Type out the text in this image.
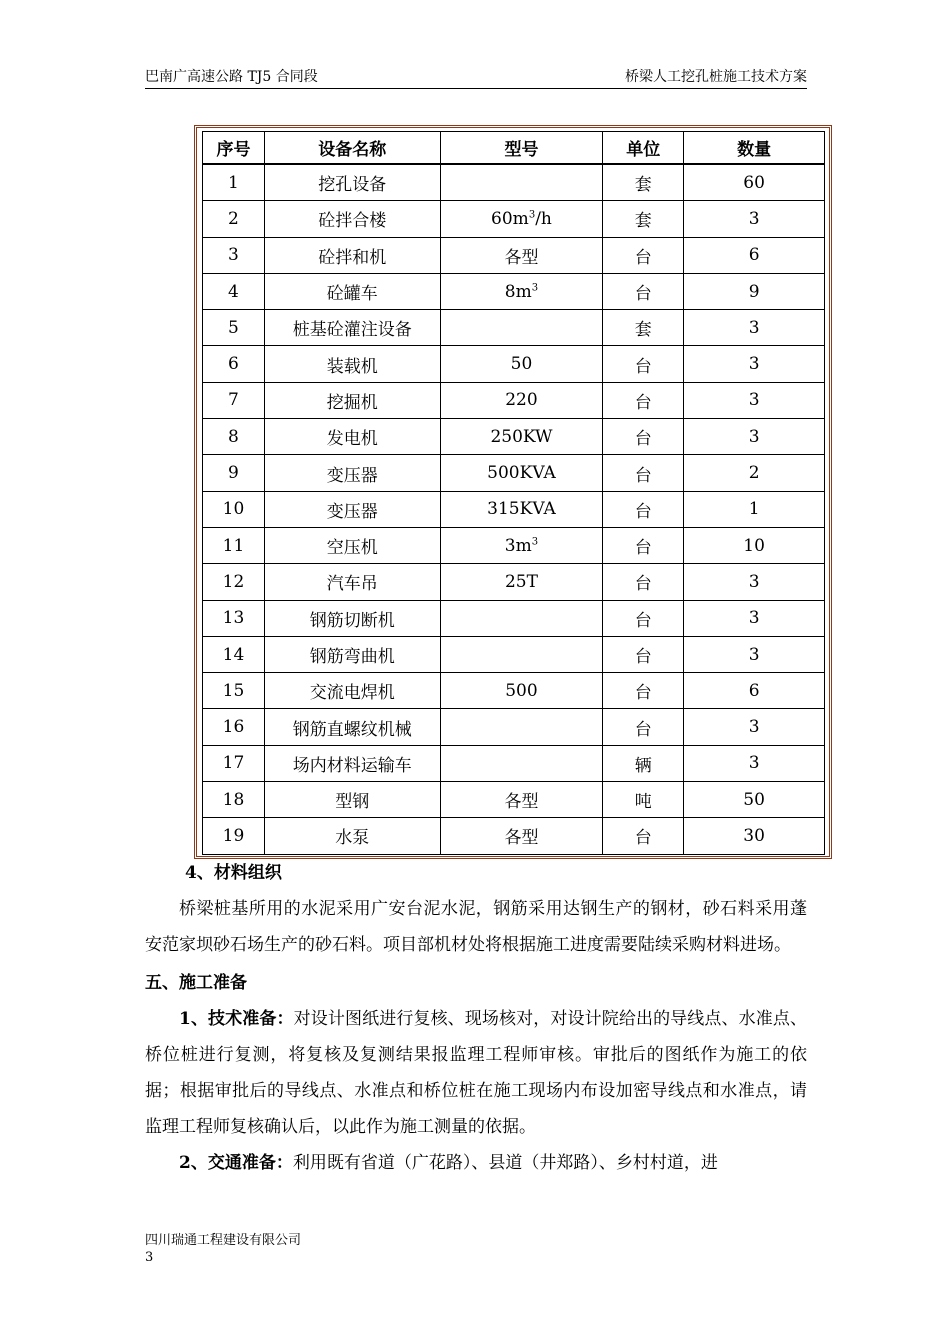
巴南广高速公路 TJ5 合同段	桥梁人工挖孔桩施工技术方案
序号	设备名称	型号	单位	数量
1	挖孔设备		套	60
2	砼拌合楼	$60m^3/h$	套	3
3	砼拌和机	各型	台	6
4	砼罐车	$8m^3$	台	9
5	桩基砼灌注设备		套	3
6	装载机	50	台	3
7	挖掘机	220	台	3
8	发电机	250KW	台	3
9	变压器	500KVA	台	2
10	变压器	315KVA	台	1
11	空压机	$3m^3$	台	10
12	汽车吊	25T	台	3
13	钢筋切断机		台	3
14	钢筋弯曲机		台	3
15	交流电焊机	500	台	6
16	钢筋直螺纹机械		台	3
17	场内材料运输车		辆	3
18	型钢	各型	吨	50
19	水泵	各型	台	30

4、材料组织

桥梁桩基所用的水泥采用广安台泥水泥，钢筋采用达钢生产的钢材，砂石料采用蓬安范家坝砂石场生产的砂石料。项目部机材处将根据施工进度需要陆续采购材料进场。

五、施工准备

1、技术准备：对设计图纸进行复核、现场核对，对设计院给出的导线点、水准点、桥位桩进行复测，将复核及复测结果报监理工程师审核。审批后的图纸作为施工的依据；根据审批后的导线点、水准点和桥位桩在施工现场内布设加密导线点和水准点，请监理工程师复核确认后，以此作为施工测量的依据。

2、交通准备：利用既有省道（广花路）、县道（井郑路）、乡村村道，进

四川瑞通工程建设有限公司
3
